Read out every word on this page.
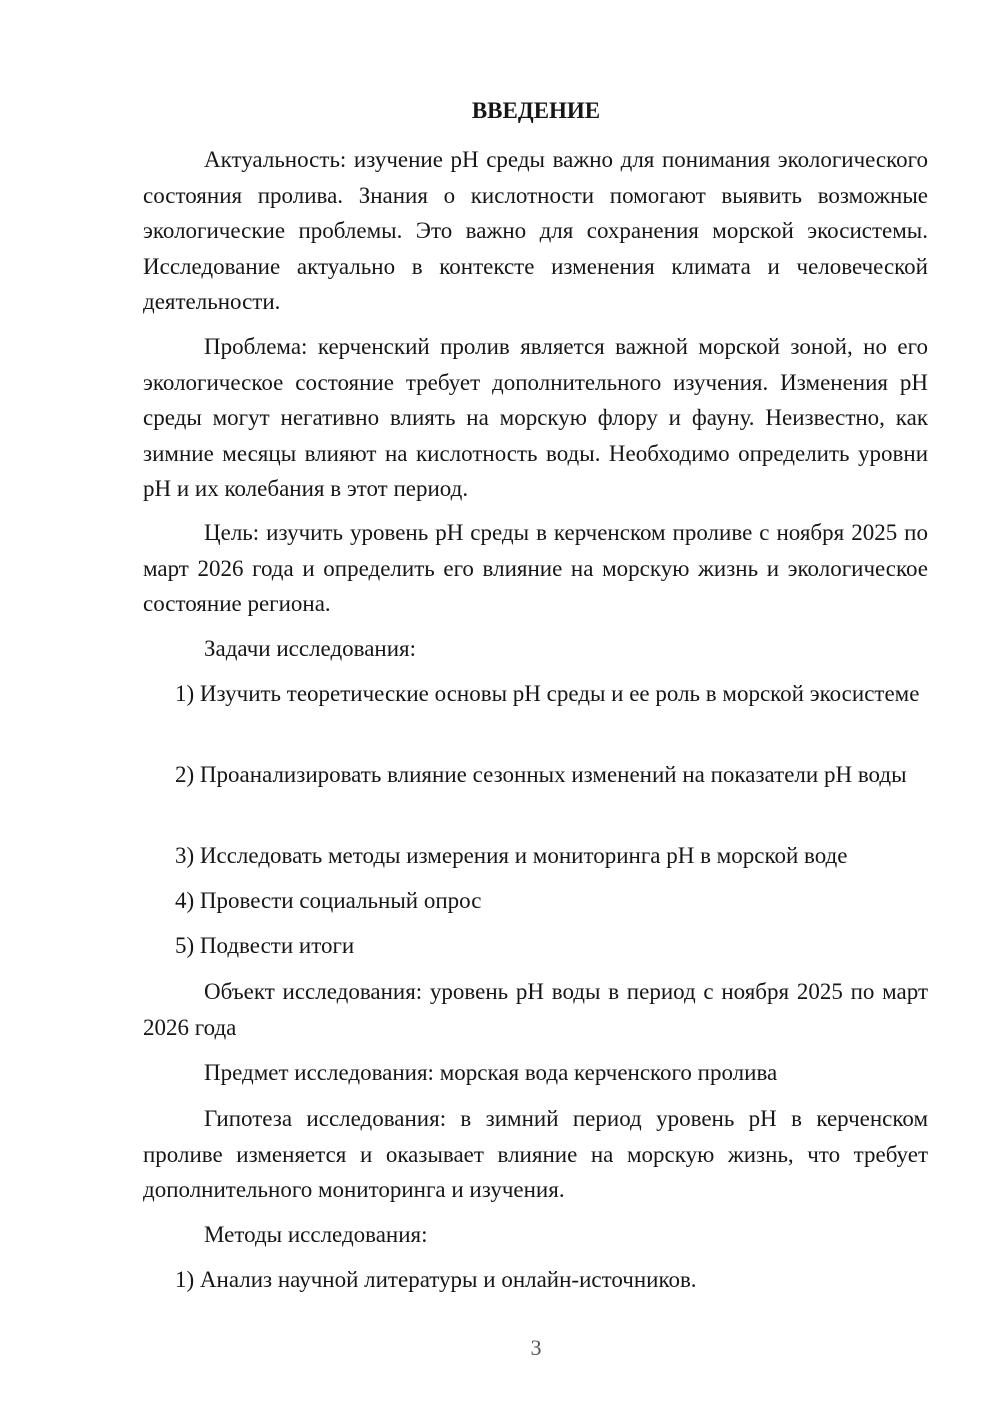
ВВЕДЕНИЕ

Актуальность: изучение pH среды важно для понимания экологического состояния пролива. Знания о кислотности помогают выявить возможные экологические проблемы. Это важно для сохранения морской экосистемы. Исследование актуально в контексте изменения климата и человеческой деятельности.

Проблема: керченский пролив является важной морской зоной, но его экологическое состояние требует дополнительного изучения. Изменения pH среды могут негативно влиять на морскую флору и фауну. Неизвестно, как зимние месяцы влияют на кислотность воды. Необходимо определить уровни pH и их колебания в этот период.

Цель: изучить уровень pH среды в керченском проливе с ноября 2025 по март 2026 года и определить его влияние на морскую жизнь и экологическое состояние региона.

Задачи исследования:

1) Изучить теоретические основы pH среды и ее роль в морской экосистеме

2) Проанализировать влияние сезонных изменений на показатели pH воды

3) Исследовать методы измерения и мониторинга pH в морской воде

4) Провести социальный опрос

5) Подвести итоги

Объект исследования: уровень pH воды в период с ноября 2025 по март 2026 года

Предмет исследования: морская вода керченского пролива

Гипотеза исследования: в зимний период уровень pH в керченском проливе изменяется и оказывает влияние на морскую жизнь, что требует дополнительного мониторинга и изучения.

Методы исследования:

1) Анализ научной литературы и онлайн-источников.

3
